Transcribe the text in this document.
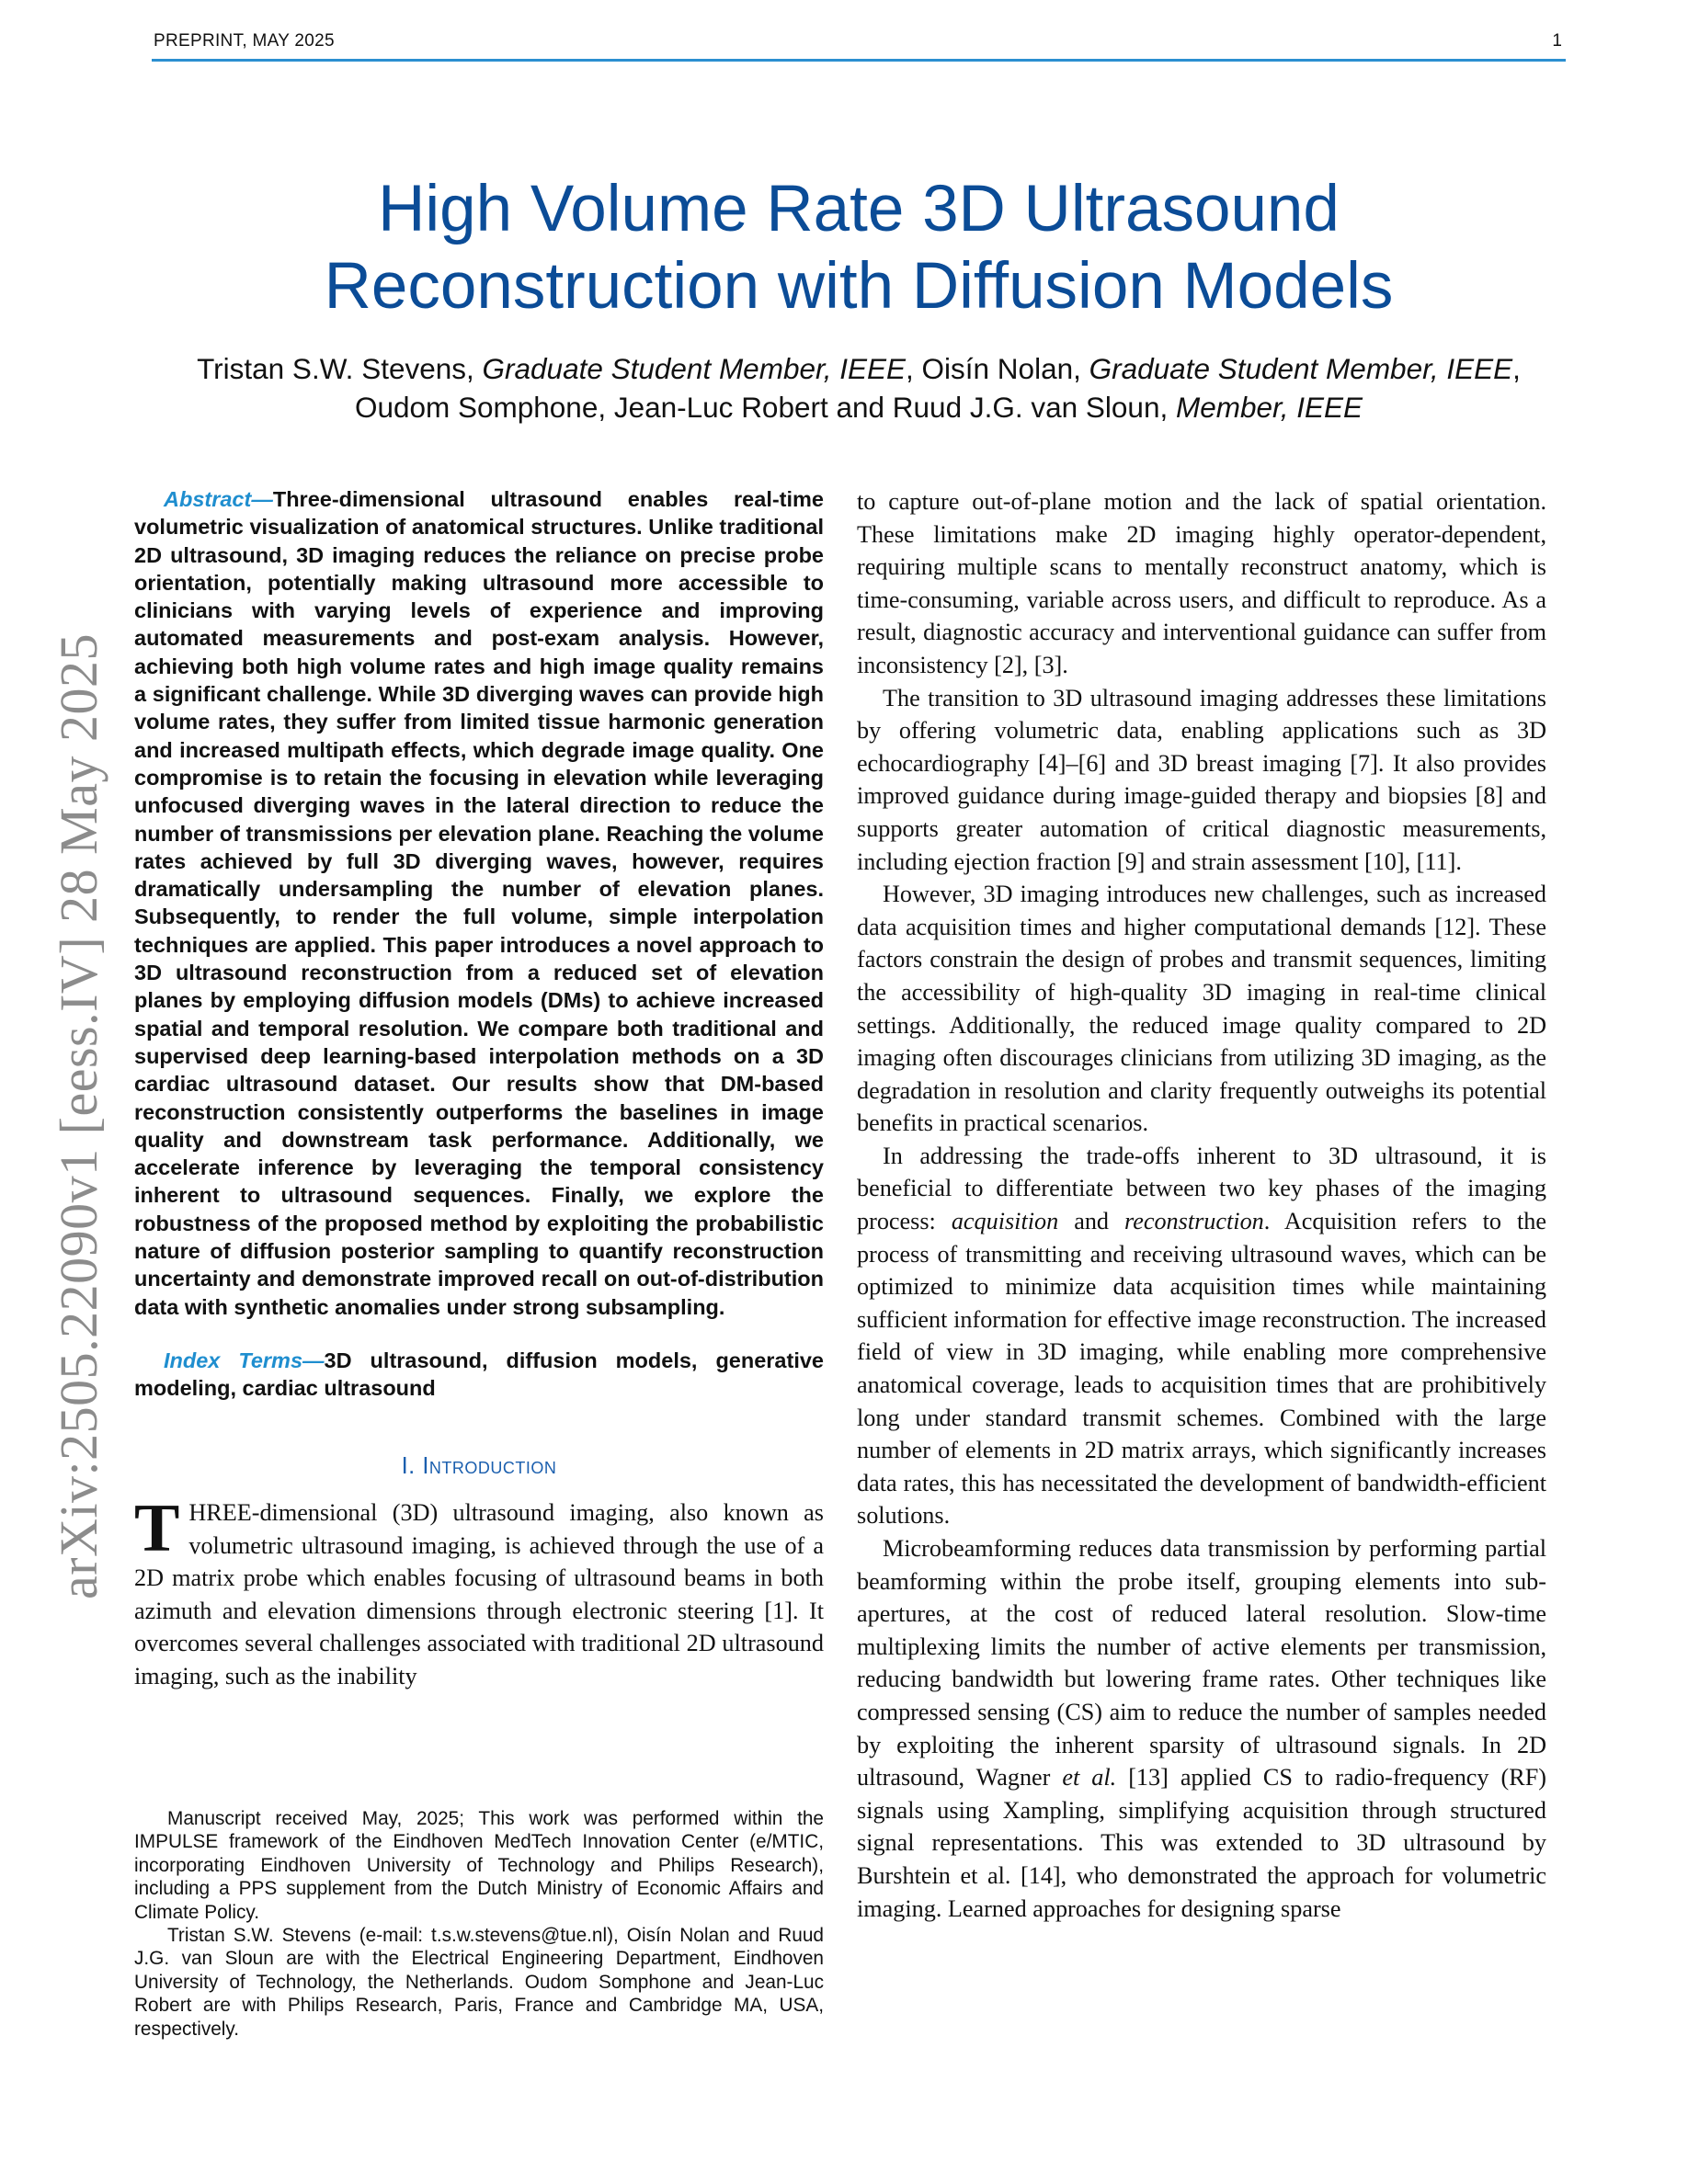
PREPRINT, MAY 2025	1
arXiv:2505.22090v1 [eess.IV] 28 May 2025
High Volume Rate 3D Ultrasound
Reconstruction with Diffusion Models
Tristan S.W. Stevens, Graduate Student Member, IEEE, Oisín Nolan, Graduate Student Member, IEEE,
Oudom Somphone, Jean-Luc Robert and Ruud J.G. van Sloun, Member, IEEE

Abstract—Three-dimensional ultrasound enables real-time volumetric visualization of anatomical structures. Unlike traditional 2D ultrasound, 3D imaging reduces the reliance on precise probe orientation, potentially making ultrasound more accessible to clinicians with varying levels of experience and improving automated measurements and post-exam analysis. However, achieving both high volume rates and high image quality remains a significant challenge. While 3D diverging waves can provide high volume rates, they suffer from limited tissue harmonic generation and increased multipath effects, which degrade image quality. One compromise is to retain the focusing in elevation while leveraging unfocused diverging waves in the lateral direction to reduce the number of transmissions per elevation plane. Reaching the volume rates achieved by full 3D diverging waves, however, requires dramatically undersampling the number of elevation planes. Subsequently, to render the full volume, simple interpolation techniques are applied. This paper introduces a novel approach to 3D ultrasound reconstruction from a reduced set of elevation planes by employing diffusion models (DMs) to achieve increased spatial and temporal resolution. We compare both traditional and supervised deep learning-based interpolation methods on a 3D cardiac ultrasound dataset. Our results show that DM-based reconstruction consistently outperforms the baselines in image quality and downstream task performance. Additionally, we accelerate inference by leveraging the temporal consistency inherent to ultrasound sequences. Finally, we explore the robustness of the proposed method by exploiting the probabilistic nature of diffusion posterior sampling to quantify reconstruction uncertainty and demonstrate improved recall on out-of-distribution data with synthetic anomalies under strong subsampling.

Index Terms—3D ultrasound, diffusion models, generative modeling, cardiac ultrasound

I. Introduction

THREE-dimensional (3D) ultrasound imaging, also known as volumetric ultrasound imaging, is achieved through the use of a 2D matrix probe which enables focusing of ultrasound beams in both azimuth and elevation dimensions through electronic steering [1]. It overcomes several challenges associated with traditional 2D ultrasound imaging, such as the inability

Manuscript received May, 2025; This work was performed within the IMPULSE framework of the Eindhoven MedTech Innovation Center (e/MTIC, incorporating Eindhoven University of Technology and Philips Research), including a PPS supplement from the Dutch Ministry of Economic Affairs and Climate Policy.

Tristan S.W. Stevens (e-mail: t.s.w.stevens@tue.nl), Oisín Nolan and Ruud J.G. van Sloun are with the Electrical Engineering Department, Eindhoven University of Technology, the Netherlands. Oudom Somphone and Jean-Luc Robert are with Philips Research, Paris, France and Cambridge MA, USA, respectively.

to capture out-of-plane motion and the lack of spatial orientation. These limitations make 2D imaging highly operator-dependent, requiring multiple scans to mentally reconstruct anatomy, which is time-consuming, variable across users, and difficult to reproduce. As a result, diagnostic accuracy and interventional guidance can suffer from inconsistency [2], [3].

The transition to 3D ultrasound imaging addresses these limitations by offering volumetric data, enabling applications such as 3D echocardiography [4]–[6] and 3D breast imaging [7]. It also provides improved guidance during image-guided therapy and biopsies [8] and supports greater automation of critical diagnostic measurements, including ejection fraction [9] and strain assessment [10], [11].

However, 3D imaging introduces new challenges, such as increased data acquisition times and higher computational demands [12]. These factors constrain the design of probes and transmit sequences, limiting the accessibility of high-quality 3D imaging in real-time clinical settings. Additionally, the reduced image quality compared to 2D imaging often discourages clinicians from utilizing 3D imaging, as the degradation in resolution and clarity frequently outweighs its potential benefits in practical scenarios.

In addressing the trade-offs inherent to 3D ultrasound, it is beneficial to differentiate between two key phases of the imaging process: acquisition and reconstruction. Acquisition refers to the process of transmitting and receiving ultrasound waves, which can be optimized to minimize data acquisition times while maintaining sufficient information for effective image reconstruction. The increased field of view in 3D imaging, while enabling more comprehensive anatomical coverage, leads to acquisition times that are prohibitively long under standard transmit schemes. Combined with the large number of elements in 2D matrix arrays, which significantly increases data rates, this has necessitated the development of bandwidth-efficient solutions.

Microbeamforming reduces data transmission by performing partial beamforming within the probe itself, grouping elements into sub-apertures, at the cost of reduced lateral resolution. Slow-time multiplexing limits the number of active elements per transmission, reducing bandwidth but lowering frame rates. Other techniques like compressed sensing (CS) aim to reduce the number of samples needed by exploiting the inherent sparsity of ultrasound signals. In 2D ultrasound, Wagner et al. [13] applied CS to radio-frequency (RF) signals using Xampling, simplifying acquisition through structured signal representations. This was extended to 3D ultrasound by Burshtein et al. [14], who demonstrated the approach for volumetric imaging. Learned approaches for designing sparse
